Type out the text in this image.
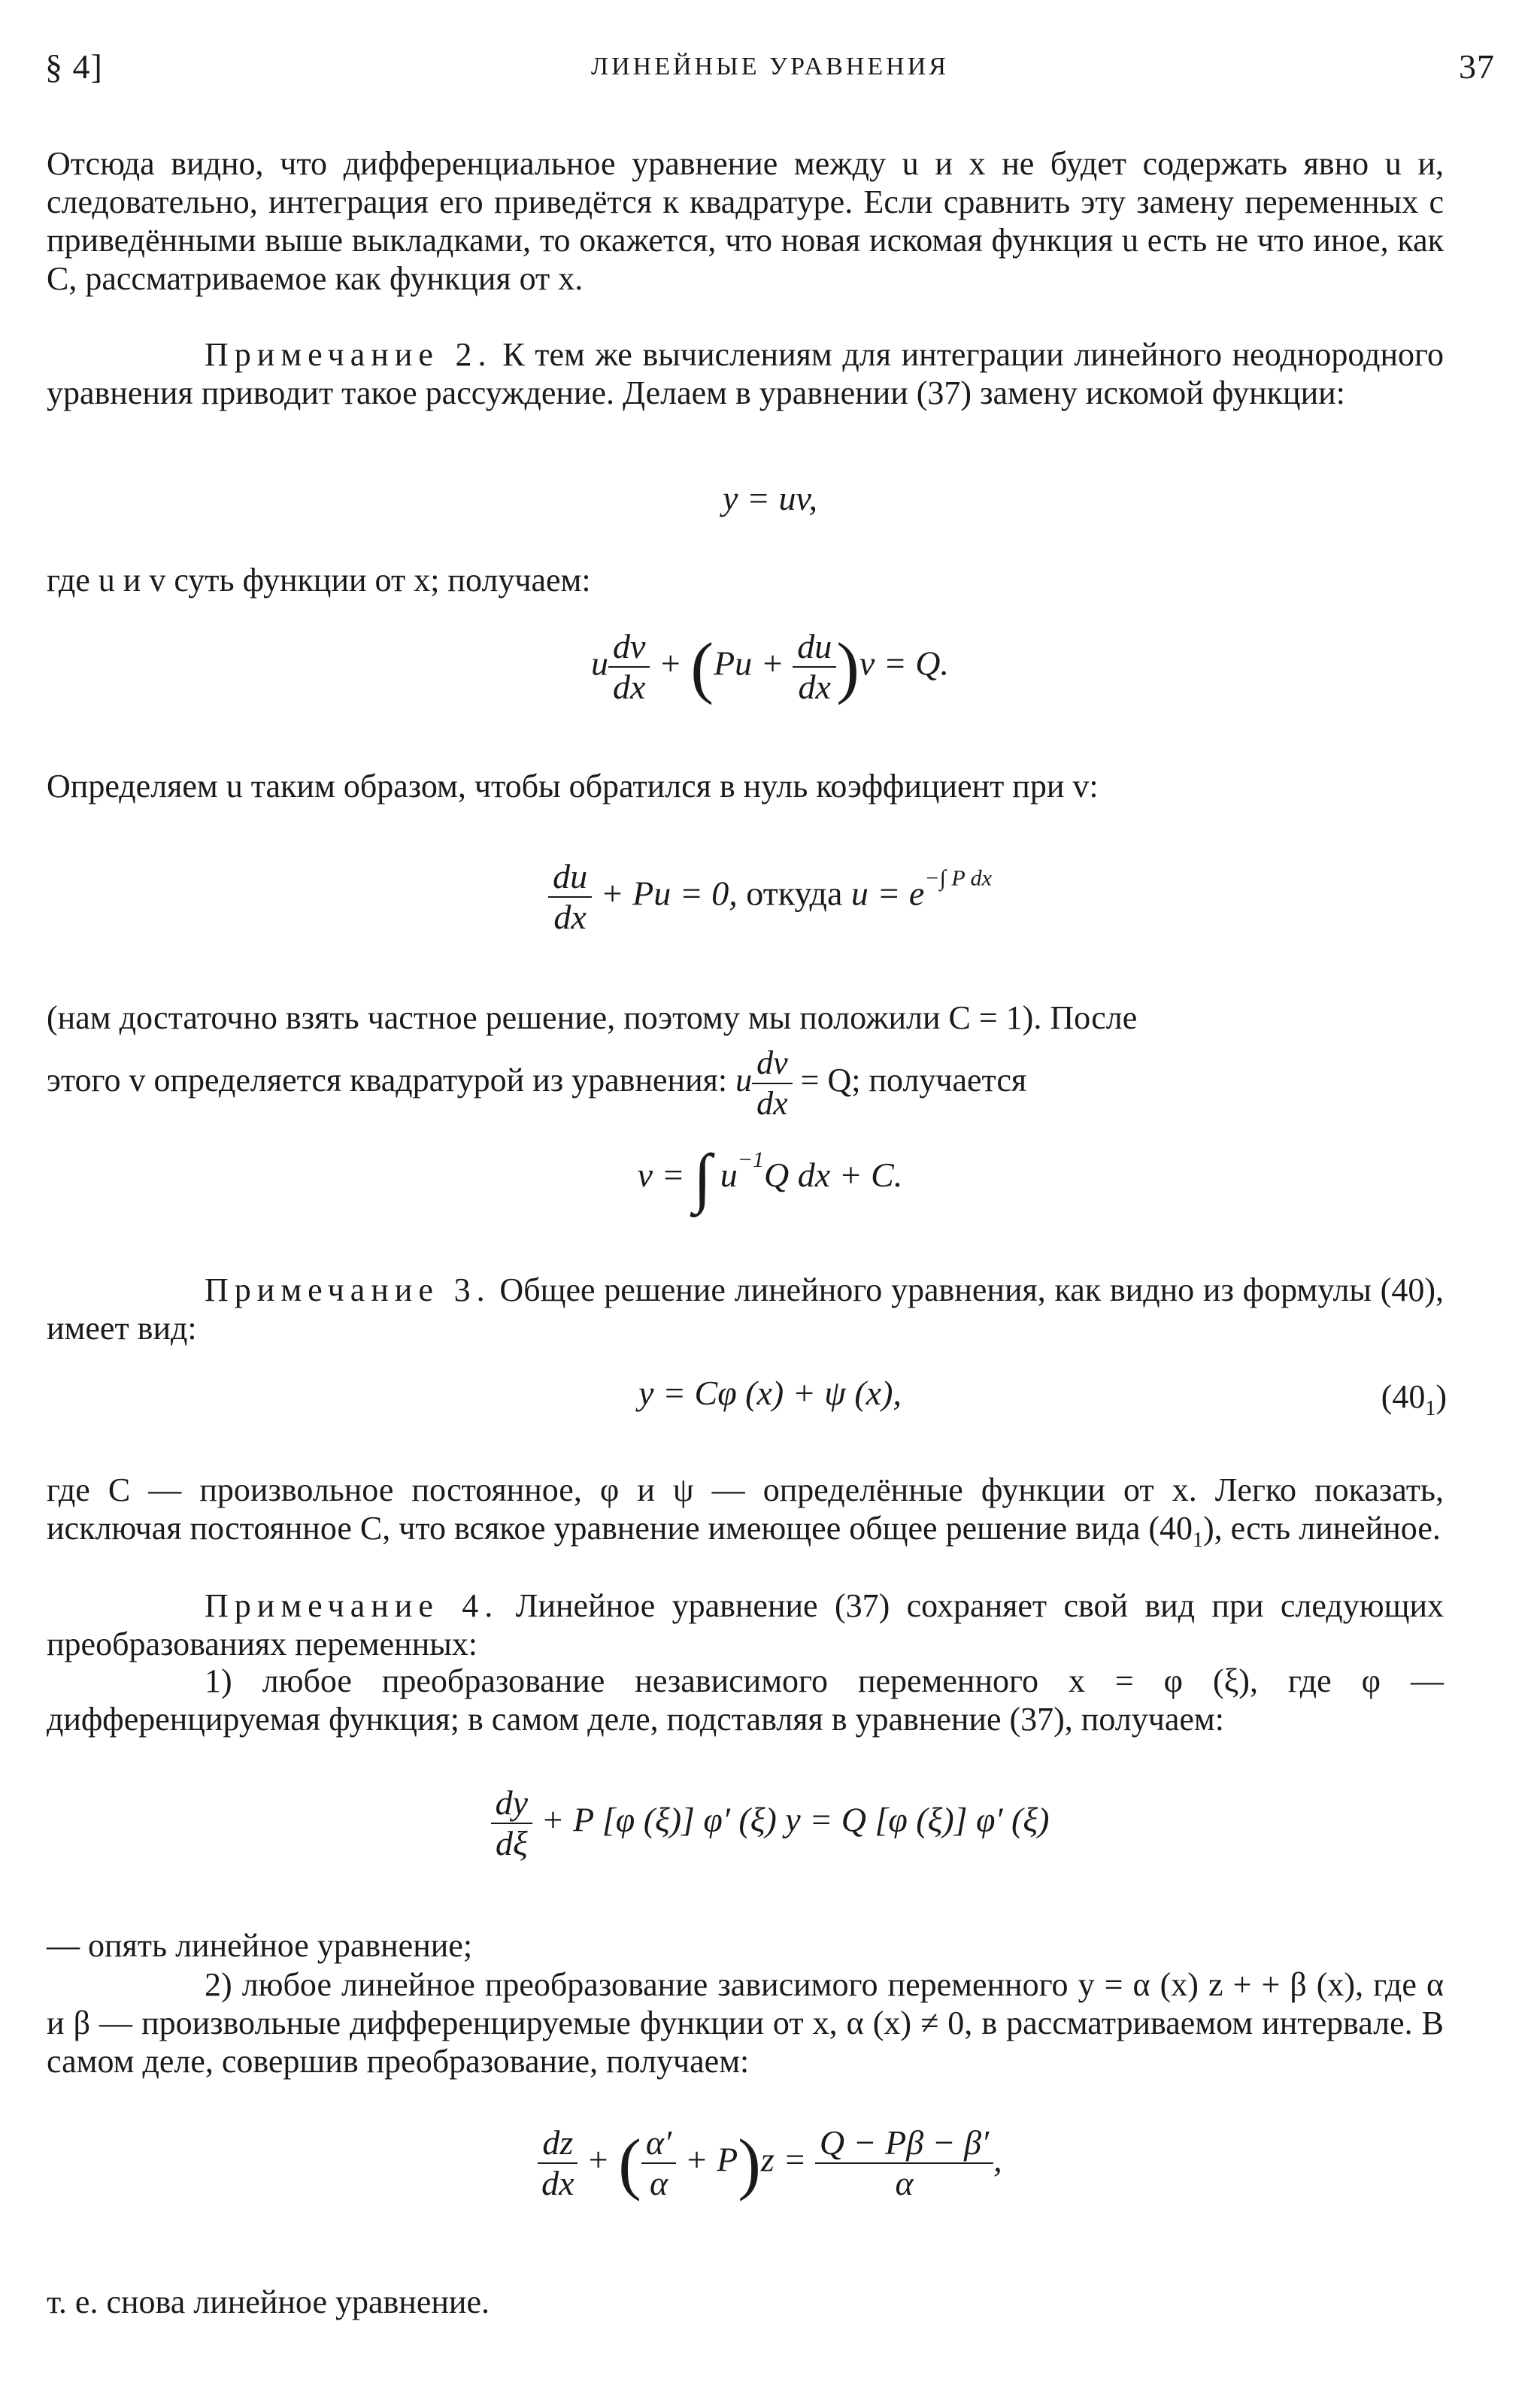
§ 4]	ЛИНЕЙНЫЕ УРАВНЕНИЯ	37
Отсюда видно, что дифференциальное уравнение между u и x не будет содержать явно u и, следовательно, интеграция его приведётся к квадратуре. Если сравнить эту замену переменных с приведёнными выше выкладками, то окажется, что новая искомая функция u есть не что иное, как C, рассматриваемое как функция от x.
Примечание 2. К тем же вычислениям для интеграции линейного неоднородного уравнения приводит такое рассуждение. Делаем в уравнении (37) замену искомой функции:
y = uv,
где u и v суть функции от x; получаем:
u $\frac{dv}{dx} + (Pu + \frac{du}{dx} )v = Q$.
Определяем u таким образом, чтобы обратился в нуль коэффициент при v:
$\frac{du}{dx} + Pu = 0$, откуда $u = e^{-\int P dx}$
(нам достаточно взять частное решение, поэтому мы положили C = 1). После
этого v определяется квадратурой из уравнения: u $\frac{dv}{dx} = Q$; получается
v = ∫ $u^{-1}Q$ dx + C.
Примечание 3. Общее решение линейного уравнения, как видно из формулы (40), имеет вид:
y = Cφ (x) + ψ (x),	$(40_1)$
где C — произвольное постоянное, φ и ψ — определённые функции от x. Легко показать, исключая постоянное C, что всякое уравнение имеющее общее решение вида $(40_1)$, есть линейное.
Примечание 4. Линейное уравнение (37) сохраняет свой вид при следующих преобразованиях переменных:
1) любое преобразование независимого переменного x = φ (ξ), где φ — дифференцируемая функция; в самом деле, подставляя в уравнение (37), получаем:
$\frac{dy}{d\xi} + P$ [φ (ξ)] φ′ (ξ) y = Q [φ (ξ)] φ′ (ξ)
— опять линейное уравнение;
2) любое линейное преобразование зависимого переменного y = α (x) z + + β (x), где α и β — произвольные дифференцируемые функции от x, α (x) ≠ 0, в рассматриваемом интервале. В самом деле, совершив преобразование, получаем:
$\frac{dz}{dx}$ + ( $\frac{\alpha'}{\alpha} + P)z = \frac{Q - P\beta - \beta'}{\alpha}$ ,
т. е. снова линейное уравнение.
